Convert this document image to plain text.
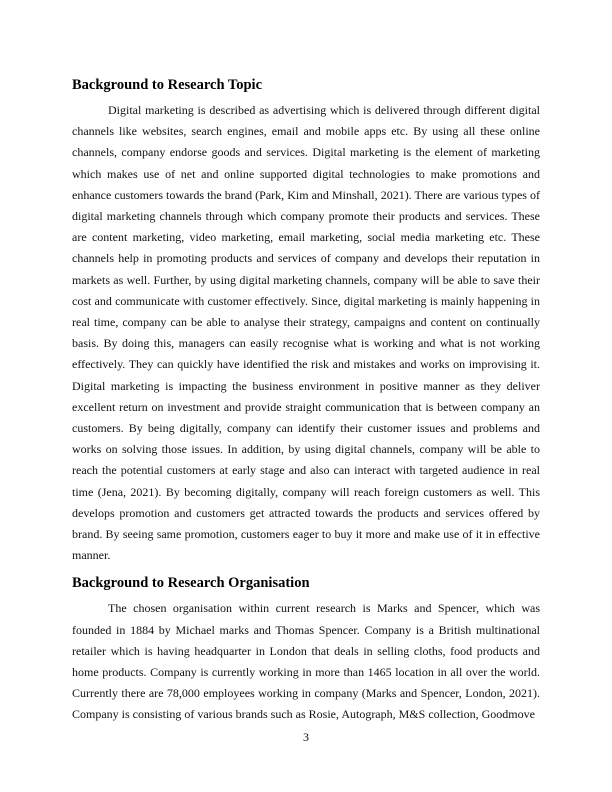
Background to Research Topic

Digital marketing is described as advertising which is delivered through different digital channels like websites, search engines, email and mobile apps etc. By using all these online channels, company endorse goods and services. Digital marketing is the element of marketing which makes use of net and online supported digital technologies to make promotions and enhance customers towards the brand (Park, Kim and Minshall, 2021). There are various types of digital marketing channels through which company promote their products and services. These are content marketing, video marketing, email marketing, social media marketing etc. These channels help in promoting products and services of company and develops their reputation in markets as well. Further, by using digital marketing channels, company will be able to save their cost and communicate with customer effectively. Since, digital marketing is mainly happening in real time, company can be able to analyse their strategy, campaigns and content on continually basis. By doing this, managers can easily recognise what is working and what is not working effectively. They can quickly have identified the risk and mistakes and works on improvising it. Digital marketing is impacting the business environment in positive manner as they deliver excellent return on investment and provide straight communication that is between company an customers. By being digitally, company can identify their customer issues and problems and works on solving those issues. In addition, by using digital channels, company will be able to reach the potential customers at early stage and also can interact with targeted audience in real time (Jena, 2021). By becoming digitally, company will reach foreign customers as well. This develops promotion and customers get attracted towards the products and services offered by brand. By seeing same promotion, customers eager to buy it more and make use of it in effective manner.

Background to Research Organisation

The chosen organisation within current research is Marks and Spencer, which was founded in 1884 by Michael marks and Thomas Spencer. Company is a British multinational retailer which is having headquarter in London that deals in selling cloths, food products and home products. Company is currently working in more than 1465 location in all over the world. Currently there are 78,000 employees working in company (Marks and Spencer, London, 2021). Company is consisting of various brands such as Rosie, Autograph, M&S collection, Goodmove

3
